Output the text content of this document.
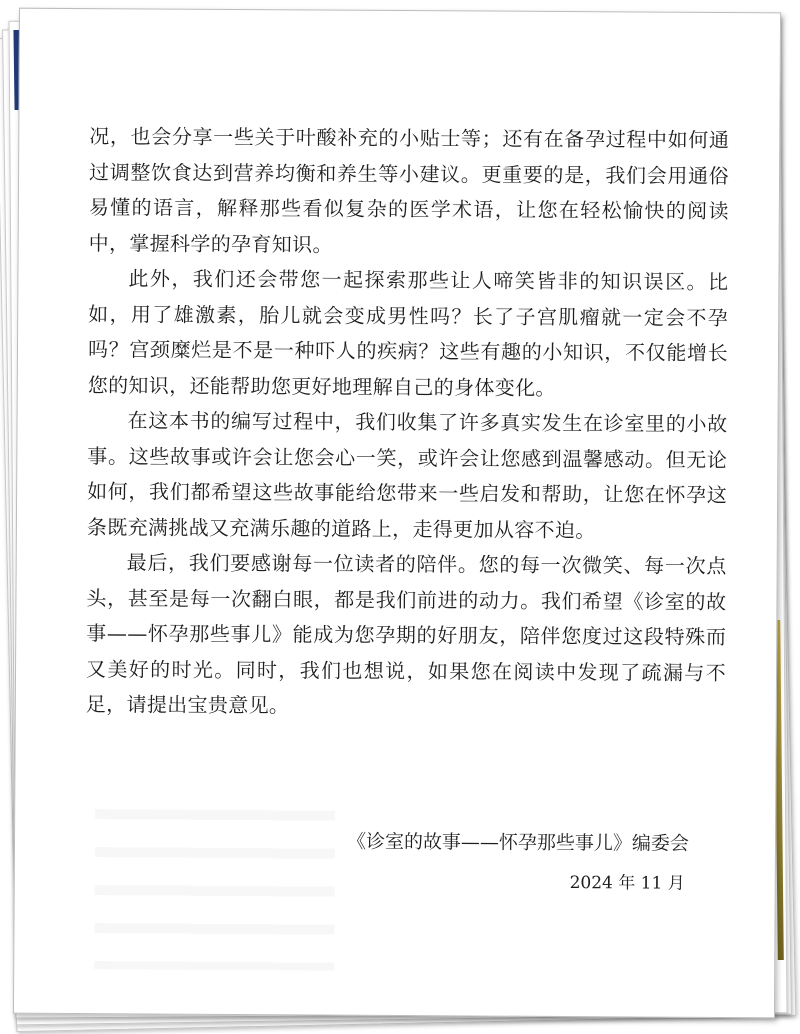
况，也会分享一些关于叶酸补充的小贴士等；还有在备孕过程中如何通过调整饮食达到营养均衡和养生等小建议。更重要的是，我们会用通俗易懂的语言，解释那些看似复杂的医学术语，让您在轻松愉快的阅读中，掌握科学的孕育知识。

此外，我们还会带您一起探索那些让人啼笑皆非的知识误区。比如，用了雄激素，胎儿就会变成男性吗？长了子宫肌瘤就一定会不孕吗？宫颈糜烂是不是一种吓人的疾病？这些有趣的小知识，不仅能增长您的知识，还能帮助您更好地理解自己的身体变化。

在这本书的编写过程中，我们收集了许多真实发生在诊室里的小故事。这些故事或许会让您会心一笑，或许会让您感到温馨感动。但无论如何，我们都希望这些故事能给您带来一些启发和帮助，让您在怀孕这条既充满挑战又充满乐趣的道路上，走得更加从容不迫。

最后，我们要感谢每一位读者的陪伴。您的每一次微笑、每一次点头，甚至是每一次翻白眼，都是我们前进的动力。我们希望《诊室的故事——怀孕那些事儿》能成为您孕期的好朋友，陪伴您度过这段特殊而又美好的时光。同时，我们也想说，如果您在阅读中发现了疏漏与不足，请提出宝贵意见。

《诊室的故事——怀孕那些事儿》编委会
2024 年 11 月
